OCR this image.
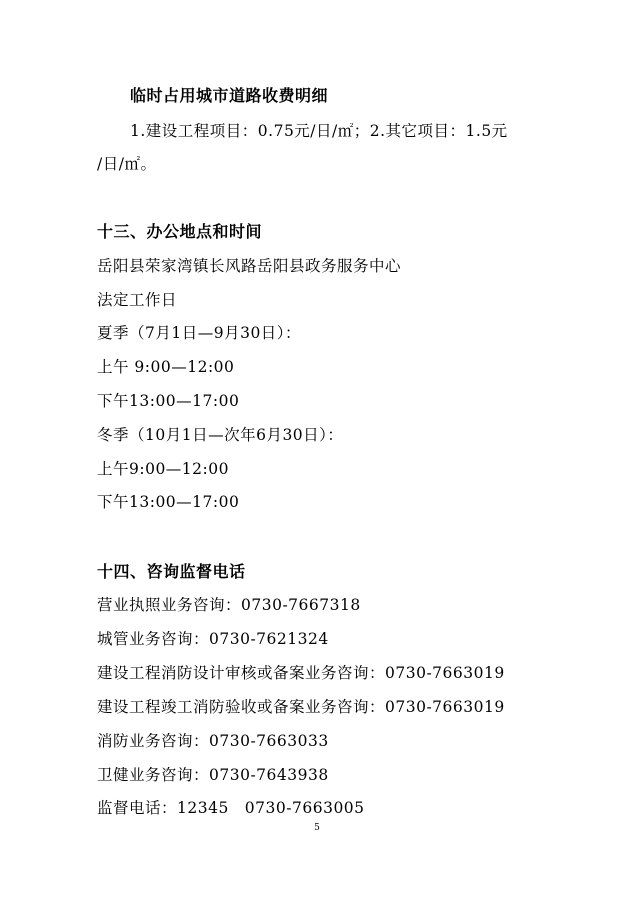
临时占用城市道路收费明细
1.建设工程项目：0.75元/日/㎡；2.其它项目：1.5元
/日/㎡。
十三、办公地点和时间
岳阳县荣家湾镇长风路岳阳县政务服务中心
法定工作日
夏季（7月1日—9月30日）：
上午 9:00—12:00
下午13:00—17:00
冬季（10月1日—次年6月30日）：
上午9:00—12:00
下午13:00—17:00
十四、咨询监督电话
营业执照业务咨询：0730-7667318
城管业务咨询：0730-7621324
建设工程消防设计审核或备案业务咨询：0730-7663019
建设工程竣工消防验收或备案业务咨询：0730-7663019
消防业务咨询：0730-7663033
卫健业务咨询：0730-7643938
监督电话：12345　0730-7663005
5
